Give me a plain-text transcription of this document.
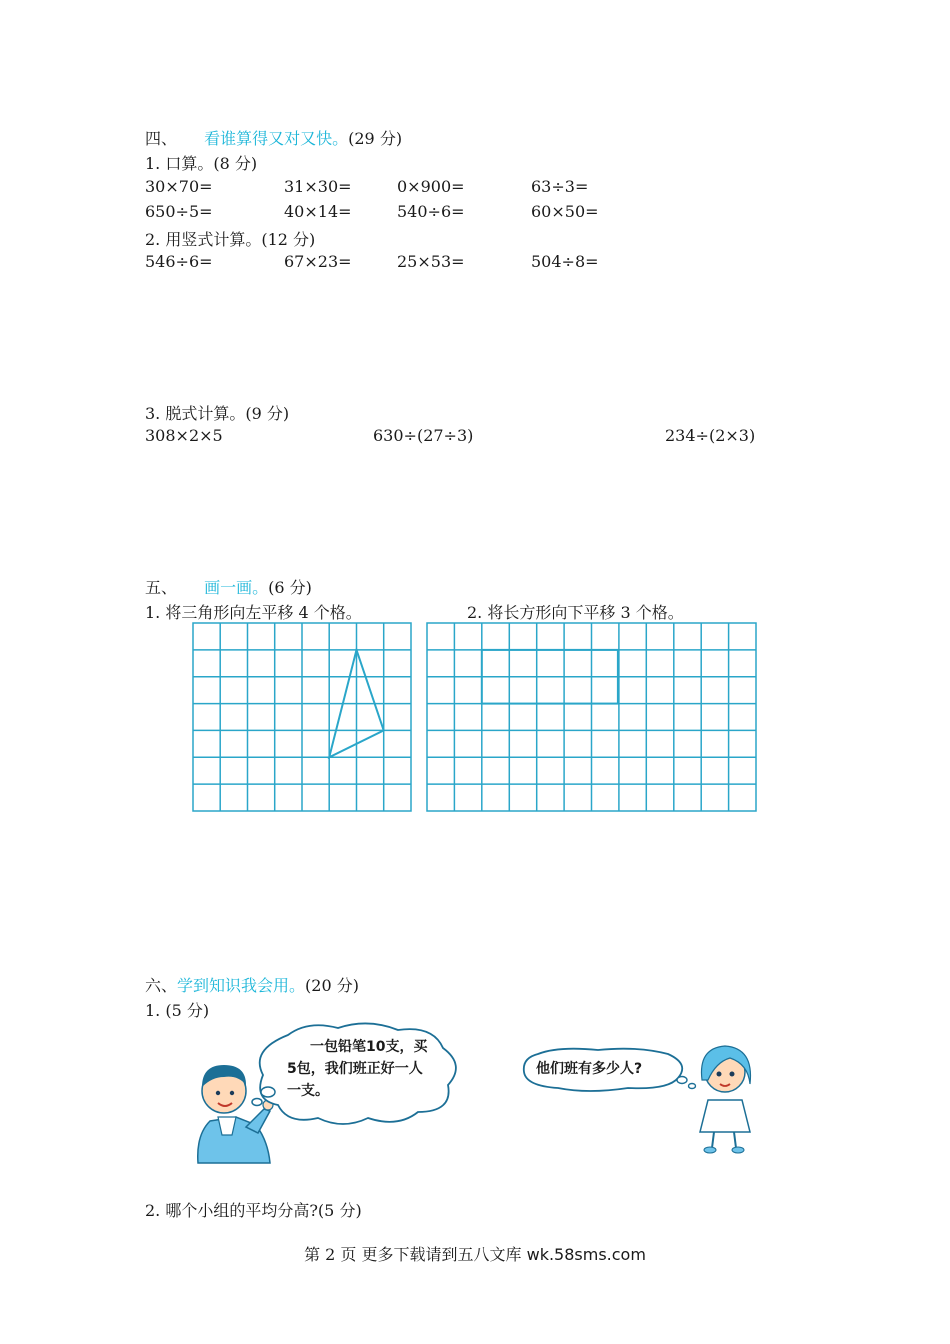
四、 看谁算得又对又快。(29 分)
1. 口算。(8 分)
30×70=	31×30=	0×900=	63÷3=
650÷5=	40×14=	540÷6=	60×50=
2. 用竖式计算。(12 分)
546÷6=	67×23=	25×53=	504÷8=
3. 脱式计算。(9 分)
308×2×5	630÷(27÷3)	234÷(2×3)
五、 画一画。(6 分)
1. 将三角形向左平移 4 个格。	2. 将长方形向下平移 3 个格。
六、学到知识我会用。(20 分)
1. (5 分)
一包铅笔10支，买
5包，我们班正好一人
一支。
他们班有多少人?
2. 哪个小组的平均分高?(5 分)
第 2 页 更多下载请到五八文库 wk.58sms.com
